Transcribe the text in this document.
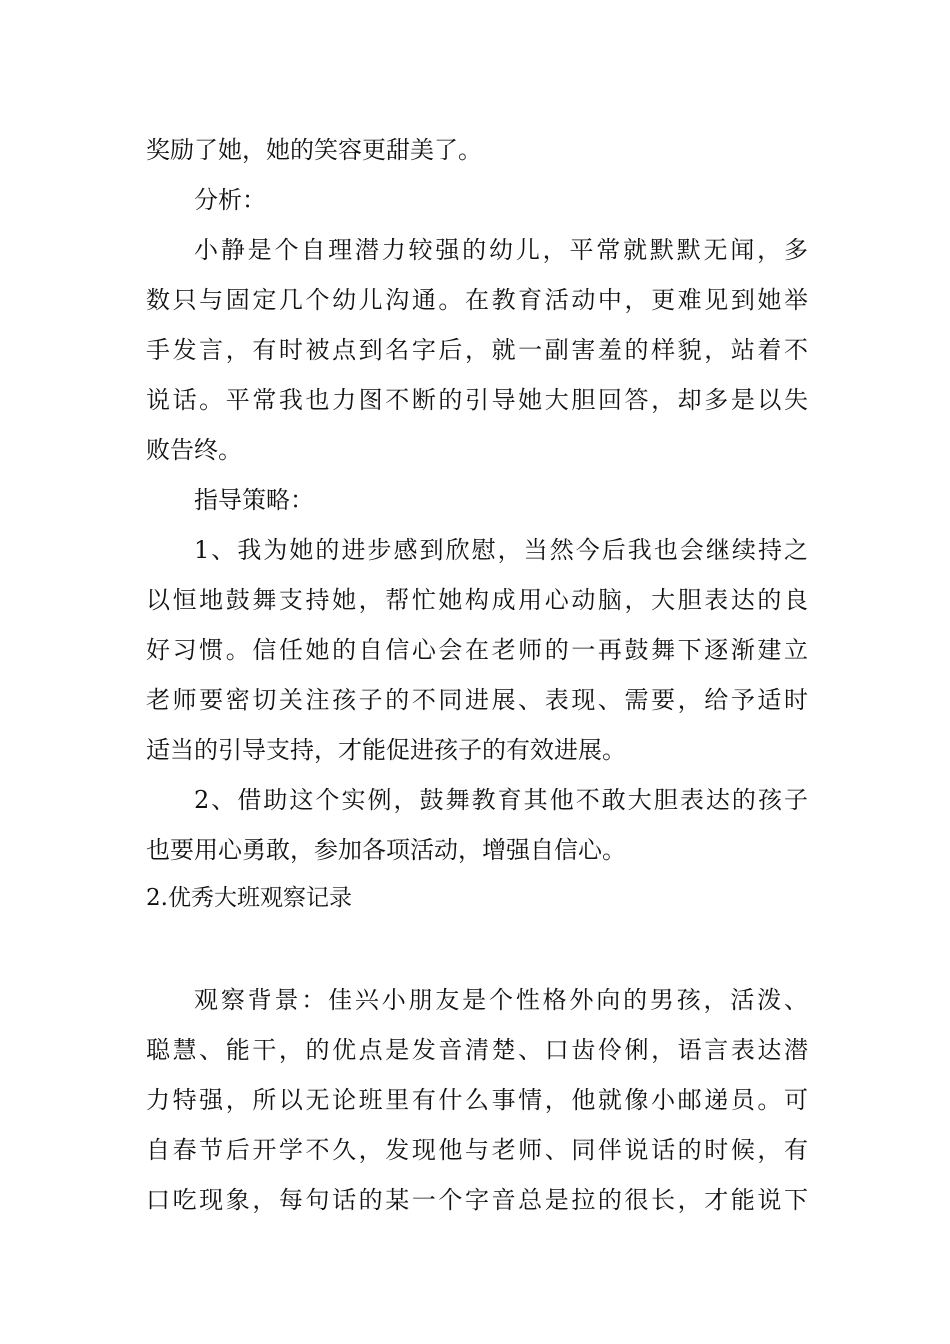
奖励了她，她的笑容更甜美了。
分析：
小静是个自理潜力较强的幼儿，平常就默默无闻，多
数只与固定几个幼儿沟通。在教育活动中，更难见到她举
手发言，有时被点到名字后，就一副害羞的样貌，站着不
说话。平常我也力图不断的引导她大胆回答，却多是以失
败告终。
指导策略：
1、我为她的进步感到欣慰，当然今后我也会继续持之
以恒地鼓舞支持她，帮忙她构成用心动脑，大胆表达的良
好习惯。信任她的自信心会在老师的一再鼓舞下逐渐建立
老师要密切关注孩子的不同进展、表现、需要，给予适时
适当的引导支持，才能促进孩子的有效进展。
2、借助这个实例，鼓舞教育其他不敢大胆表达的孩子
也要用心勇敢，参加各项活动，增强自信心。
2.优秀大班观察记录
观察背景：佳兴小朋友是个性格外向的男孩，活泼、
聪慧、能干，的优点是发音清楚、口齿伶俐，语言表达潜
力特强，所以无论班里有什么事情，他就像小邮递员。可
自春节后开学不久，发现他与老师、同伴说话的时候，有
口吃现象，每句话的某一个字音总是拉的很长，才能说下
